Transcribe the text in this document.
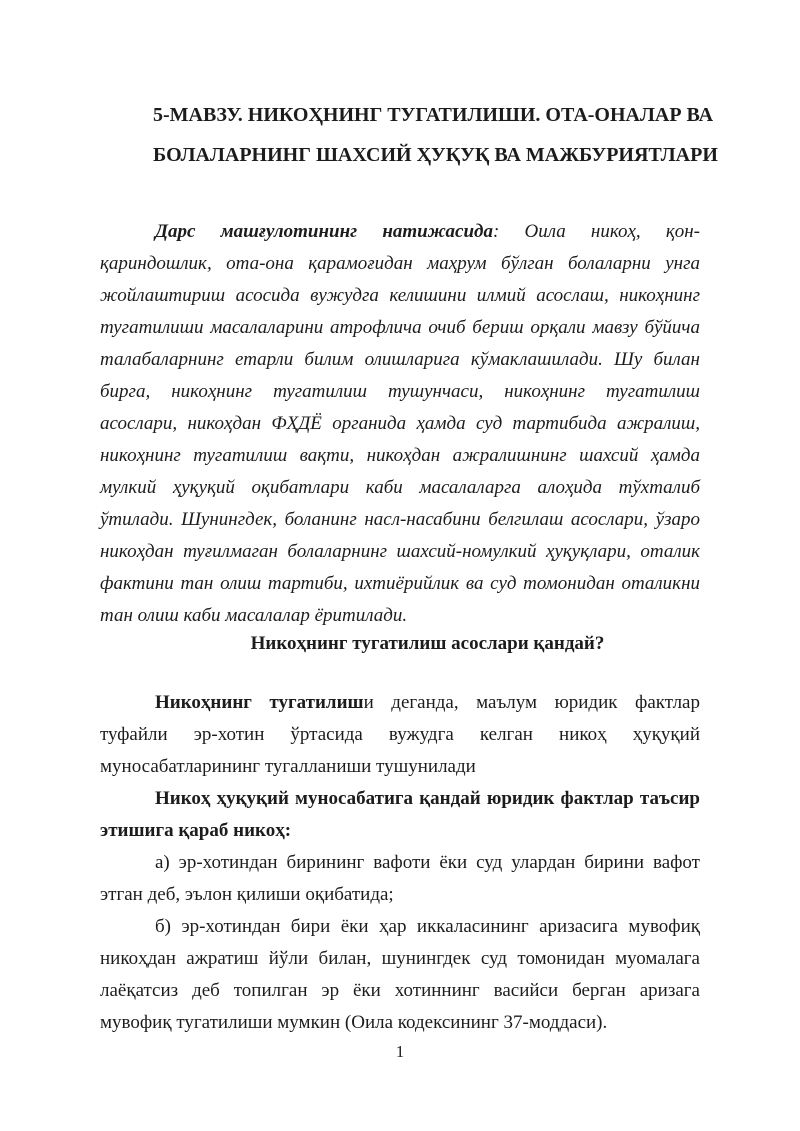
5-МАВЗУ. НИКОҲНИНГ ТУГАТИЛИШИ. ОТА-ОНАЛАР ВА
БОЛАЛАРНИНГ ШАХСИЙ ҲУҚУҚ ВА МАЖБУРИЯТЛАРИ

Дарс машғулотининг натижасида: Оила никоҳ, қон-қариндошлик, ота-она қарамоғидан маҳрум бўлган болаларни унга жойлаштириш асосида вужудга келишини илмий асослаш, никоҳнинг тугатилиши масалаларини атрофлича очиб бериш орқали мавзу бўйича талабаларнинг етарли билим олишларига кўмаклашилади. Шу билан бирга, никоҳнинг тугатилиш тушунчаси, никоҳнинг тугатилиш асослари, никоҳдан ФҲДЁ органида ҳамда суд тартибида ажралиш, никоҳнинг тугатилиш вақти, никоҳдан ажралишнинг шахсий ҳамда мулкий ҳуқуқий оқибатлари каби масалаларга алоҳида тўхталиб ўтилади. Шунингдек, боланинг насл-насабини белгилаш асослари, ўзаро никоҳдан туғилмаган болаларнинг шахсий-номулкий ҳуқуқлари, оталик фактини тан олиш тартиби, ихтиёрийлик ва суд томонидан оталикни тан олиш каби масалалар ёритилади.

Никоҳнинг тугатилиш асослари қандай?

Никоҳнинг тугатилиши деганда, маълум юридик фактлар туфайли эр-хотин ўртасида вужудга келган никоҳ ҳуқуқий муносабатларининг тугалланиши тушунилади

Никоҳ ҳуқуқий муносабатига қандай юридик фактлар таъсир этишига қараб никоҳ:

а) эр-хотиндан бирининг вафоти ёки суд улардан бирини вафот этган деб, эълон қилиши оқибатида;

б) эр-хотиндан бири ёки ҳар иккаласининг аризасига мувофиқ никоҳдан ажратиш йўли билан, шунингдек суд томонидан муомалага лаёқатсиз деб топилган эр ёки хотиннинг васийси берган аризага мувофиқ тугатилиши мумкин (Оила кодексининг 37-моддаси).

1
